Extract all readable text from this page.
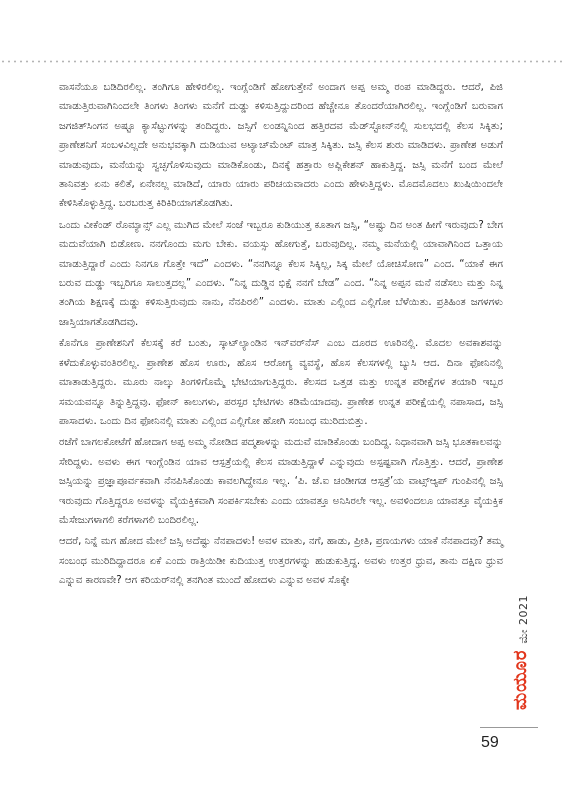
ವಾಸನೆಯೂ ಬಡಿದಿರಲಿಲ್ಲ. ತಂಗಿಗೂ ಹೇಳಿರಲಿಲ್ಲ. ಇಂಗ್ಲೆಂಡಿಗೆ ಹೋಗುತ್ತೇನೆ ಅಂದಾಗ ಅಪ್ಪ ಅಮ್ಮ ರಂಪ ಮಾಡಿದ್ದರು. ಆದರೆ, ಪಿಜಿ ಮಾಡುತ್ತಿರುವಾಗಿನಿಂದಲೇ ತಿಂಗಳು ತಿಂಗಳು ಮನೆಗೆ ದುಡ್ಡು ಕಳಿಸುತ್ತಿದ್ದುದರಿಂದ ಹೆಚ್ಚೇನೂ ತೊಂದರೆಯಾಗಿರಲಿಲ್ಲ. ಇಂಗ್ಲೆಂಡಿಗೆ ಬರುವಾಗ ಜಗಜಿತ್‌ಸಿಂಗನ ಅಷ್ಟೂ ಕ್ಯಾಸೆಟ್ಟುಗಳನ್ನು ತಂದಿದ್ದರು. ಜಸ್ಸಿಗೆ ಲಂಡನ್ನಿನಿಂದ ಹತ್ತಿರದವ ಮೆಡ್‌ಸ್ಟೋನ್‌ನಲ್ಲಿ ಸುಲಭದಲ್ಲಿ ಕೆಲಸ ಸಿಕ್ಕಿತು; ಪ್ರಾಣೇಶನಿಗೆ ಸಂಬಳವಿಲ್ಲದೇ ಅನುಭವಕ್ಕಾಗಿ ದುಡಿಯುವ ಅಟ್ಯಾಚ್‌ಮೆಂಟ್ ಮಾತ್ರ ಸಿಕ್ಕಿತು. ಜಸ್ಸಿ ಕೆಲಸ ಶುರು ಮಾಡಿದಳು. ಪ್ರಾಣೇಶ ಅಡುಗೆ ಮಾಡುವುದು, ಮನೆಯನ್ನು ಸ್ವಚ್ಛಗೊಳಿಸುವುದು ಮಾಡಿಕೊಂಡು, ದಿನಕ್ಕೆ ಹತ್ತಾರು ಅಪ್ಲಿಕೇಶನ್ ಹಾಕುತ್ತಿದ್ದ. ಜಸ್ಸಿ ಮನೆಗೆ ಬಂದ ಮೇಲೆ ತಾನಿವತ್ತು ಏನು ಕಲಿತೆ, ಏನೇನಲ್ಲ ಮಾಡಿದೆ, ಯಾರು ಯಾರು ಪರಿಚಯವಾದರು ಎಂದು ಹೇಳುತ್ತಿದ್ದಳು. ಮೊದಮೊದಲು ಖುಷಿಯಿಂದಲೇ ಕೇಳಿಸಿಕೊಳ್ಳುತ್ತಿದ್ದ. ಬರಬರುತ್ತ ಕಿರಿಕಿರಿಯಾಗತೊಡಗಿತು.

ಒಂದು ವೀಕೆಂಡ್ ರೊಮ್ಯಾನ್ಸ್ ಎಲ್ಲ ಮುಗಿದ ಮೇಲೆ ಸಂಜೆ ಇಬ್ಬರೂ ಕುಡಿಯುತ್ತ ಕೂತಾಗ ಜಸ್ಸಿ, “ಅಷ್ಟು ದಿನ ಅಂತ ಹೀಗೆ ಇರುವುದು? ಬೇಗ ಮದುವೆಯಾಗಿ ಬಿಡೋಣ. ನನಗೊಂದು ಮಗು ಬೇಕು. ವಯಸ್ಸು ಹೋಗುತ್ತೆ, ಬರುವುದಿಲ್ಲ. ನಮ್ಮ ಮನೆಯಲ್ಲಿ ಯಾವಾಗಿನಿಂದ ಒತ್ತಾಯ ಮಾಡುತ್ತಿದ್ದಾರೆ ಎಂದು ನಿನಗೂ ಗೊತ್ತೇ ಇದೆ” ಎಂದಳು. “ನನಗಿನ್ನೂ ಕೆಲಸ ಸಿಕ್ಕಿಲ್ಲ, ಸಿಕ್ಕ ಮೇಲೆ ಯೋಚಿಸೋಣ” ಎಂದ. “ಯಾಕೆ ಈಗ ಬರುವ ದುಡ್ಡು ಇಬ್ಬರಿಗೂ ಸಾಲುತ್ತದಲ್ಲ” ಎಂದಳು. “ನಿನ್ನ ದುಡ್ಡಿನ ಭಿಕ್ಷೆ ನನಗೆ ಬೇಡ” ಎಂದ. “ನಿನ್ನ ಅಪ್ಪನ ಮನೆ ನಡೆಸಲು ಮತ್ತು ನಿನ್ನ ತಂಗಿಯ ಶಿಕ್ಷಣಕ್ಕೆ ದುಡ್ಡು ಕಳಿಸುತ್ತಿರುವುದು ನಾನು, ನೆನಪಿರಲಿ” ಎಂದಳು. ಮಾತು ಎಲ್ಲಿಂದ ಎಲ್ಲಿಗೋ ಬೆಳೆಯಿತು. ಪ್ರತಿಹಿಂತ ಜಗಳಗಳು ಜಾಸ್ತಿಯಾಗತೊಡಗಿದವು.

ಕೊನೆಗೂ ಪ್ರಾಣೇಶನಿಗೆ ಕೆಲಸಕ್ಕೆ ಕರೆ ಬಂತು, ಸ್ಕಾಟ್‌ಲ್ಯಾಂಡಿನ ಇನ್‌ವರ್‌ನೆಸ್ ಎಂಬ ದೂರದ ಊರಿನಲ್ಲಿ. ಮೊದಲ ಅವಕಾಶವನ್ನು ಕಳೆದುಕೊಳ್ಳುವಂತಿರಲಿಲ್ಲ. ಪ್ರಾಣೇಶ ಹೊಸ ಊರು, ಹೊಸ ಆರೋಗ್ಯ ವ್ಯವಸ್ಥೆ, ಹೊಸ ಕೆಲಸಗಳಲ್ಲಿ ಬ್ಯುಸಿ ಆದ. ದಿನಾ ಫೋನಿನಲ್ಲಿ ಮಾತಾಡುತ್ತಿದ್ದರು. ಮೂರು ನಾಲ್ಕು ತಿಂಗಳಿಗೊಮ್ಮೆ ಭೇಟಿಯಾಗುತ್ತಿದ್ದರು. ಕೆಲಸದ ಒತ್ತಡ ಮತ್ತು ಉನ್ನತ ಪರೀಕ್ಷೆಗಳ ತಯಾರಿ ಇಬ್ಬರ ಸಮಯವನ್ನೂ ತಿನ್ನುತ್ತಿದ್ದವು. ಫೋನ್ ಕಾಲುಗಳು, ಪರಸ್ಪರ ಭೇಟಿಗಳು ಕಡಿಮೆಯಾದವು. ಪ್ರಾಣೇಶ ಉನ್ನತ ಪರೀಕ್ಷೆಯಲ್ಲಿ ನಪಾಸಾದ, ಜಸ್ಸಿ ಪಾಸಾದಳು. ಒಂದು ದಿನ ಫೋನಿನಲ್ಲಿ ಮಾತು ಎಲ್ಲಿಂದ ಎಲ್ಲಿಗೋ ಹೋಗಿ ಸಂಬಂಧ ಮುರಿದುಬಿತ್ತು.

ರಜೆಗೆ ಬಾಗಲಕೋಟೆಗೆ ಹೋದಾಗ ಅಪ್ಪ ಅಮ್ಮ ನೋಡಿದ ಪದ್ಮಶಾಳನ್ನು ಮದುವೆ ಮಾಡಿಕೊಂಡು ಬಂದಿದ್ದ. ನಿಧಾನವಾಗಿ ಜಸ್ಸಿ ಭೂತಕಾಲವನ್ನು ಸೇರಿದ್ದಳು. ಅವಳು ಈಗ ಇಂಗ್ಲೆಂಡಿನ ಯಾವ ಆಸ್ಪತ್ರೆಯಲ್ಲಿ ಕೆಲಸ ಮಾಡುತ್ತಿದ್ದಾಳೆ ಎನ್ನುವುದು ಅಸ್ಪಷ್ಟವಾಗಿ ಗೊತ್ತಿತ್ತು. ಆದರೆ, ಪ್ರಾಣೇಶ ಜಸ್ಸಿಯನ್ನು ಪ್ರಜ್ಞಾಪೂರ್ವಕವಾಗಿ ನೆನಪಿಸಿಕೊಂಡು ಕಾವಲಗಿದ್ದೇನೂ ಇಲ್ಲ. ‘ಪಿ. ಜೆ.ಐ ಚಂಡೀಗಡ ಆಸ್ಪತ್ರೆ’ಯ ವಾಟ್ಸ್‌ಆ್ಯಪ್ ಗುಂಪಿನಲ್ಲಿ ಜಸ್ಸಿ ಇರುವುದು ಗೊತ್ತಿದ್ದರೂ ಅವಳನ್ನು ವೈಯಕ್ತಿಕವಾಗಿ ಸಂಪರ್ಕಿಸಬೇಕು ಎಂದು ಯಾವತ್ತೂ ಅನಿಸಿರಲೇ ಇಲ್ಲ. ಅವಳಿಂದಲೂ ಯಾವತ್ತೂ ವೈಯಕ್ತಿಕ ಮೆಸೇಜುಗಳಾಗಲಿ ಕರೆಗಳಾಗಲಿ ಬಂದಿರಲಿಲ್ಲ.

ಆದರೆ, ನಿನ್ನೆ ಮಗ ಹೋದ ಮೇಲೆ ಜಸ್ಸಿ ಅದೆಷ್ಟು ನೆನಪಾದಳು! ಅವಳ ಮಾತು, ನಗೆ, ಹಾಡು, ಪ್ರೀತಿ, ಪ್ರಣಯಗಳು ಯಾಕೆ ನೆನಪಾದವು? ತಮ್ಮ ಸಂಬಂಧ ಮುರಿದಿದ್ದಾದರೂ ಏಕೆ ಎಂದು ರಾತ್ರಿಯಿಡೀ ಕುದಿಯುತ್ತ ಉತ್ತರಗಳನ್ನು ಹುಡುಕುತ್ತಿದ್ದ. ಅವಳು ಉತ್ತರ ಧ್ರುವ, ತಾನು ದಕ್ಷಿಣ ಧ್ರುವ ಎನ್ನುವ ಕಾರಣವೇ? ಆಗ ಕರಿಯರ್‌ನಲ್ಲಿ ತನಗಿಂತ ಮುಂದೆ ಹೋದಳು ಎನ್ನುವ ಅವಳ ಸೊಕ್ಕೇ

ಮೇ 2021
ಮಯೂರ
59
